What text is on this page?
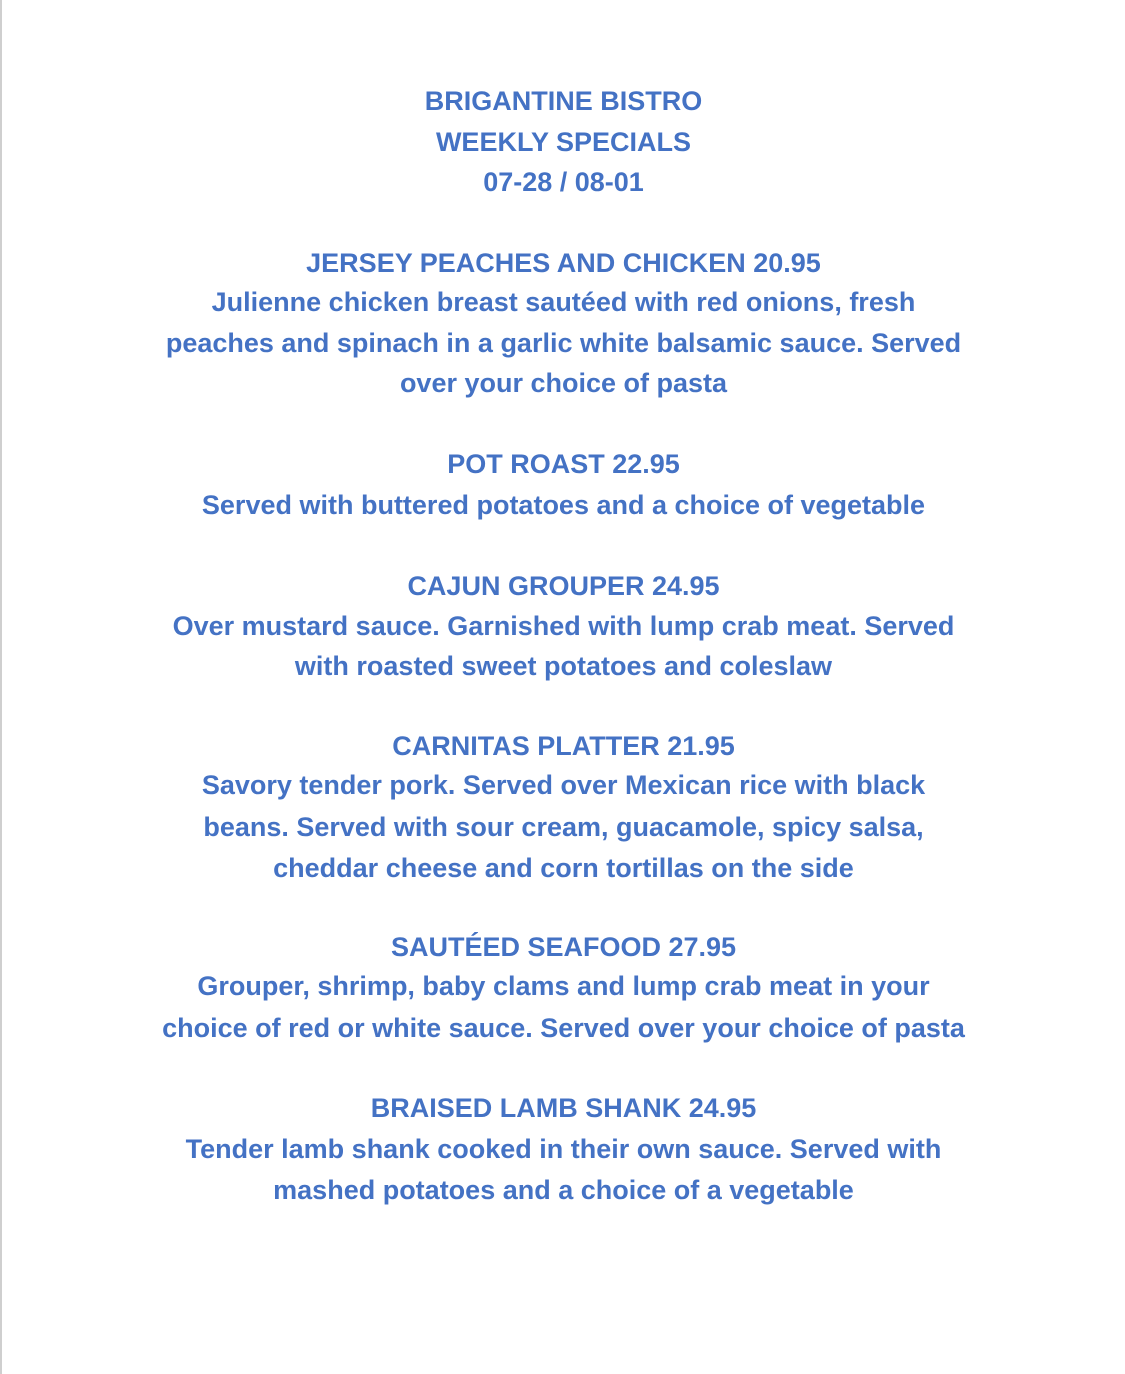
BRIGANTINE BISTRO
WEEKLY SPECIALS
07-28 / 08-01
JERSEY PEACHES AND CHICKEN 20.95
Julienne chicken breast sautéed with red onions, fresh
peaches and spinach in a garlic white balsamic sauce. Served
over your choice of pasta
POT ROAST 22.95
Served with buttered potatoes and a choice of vegetable
CAJUN GROUPER 24.95
Over mustard sauce. Garnished with lump crab meat. Served
with roasted sweet potatoes and coleslaw
CARNITAS PLATTER 21.95
Savory tender pork. Served over Mexican rice with black
beans. Served with sour cream, guacamole, spicy salsa,
cheddar cheese and corn tortillas on the side
SAUTÉED SEAFOOD 27.95
Grouper, shrimp, baby clams and lump crab meat in your
choice of red or white sauce. Served over your choice of pasta
BRAISED LAMB SHANK 24.95
Tender lamb shank cooked in their own sauce. Served with
mashed potatoes and a choice of a vegetable
